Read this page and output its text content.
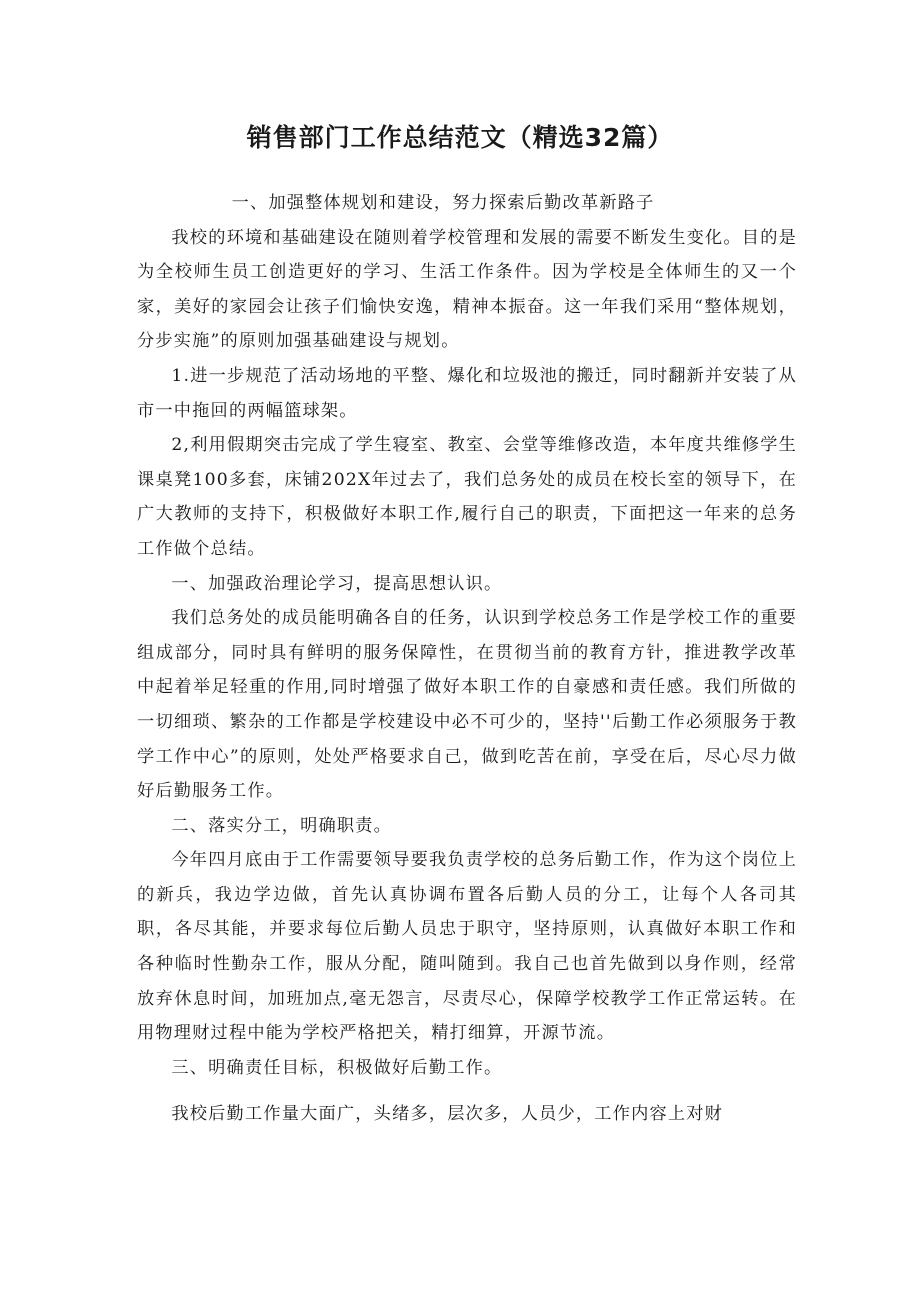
销售部门工作总结范文（精选32篇）

一、加强整体规划和建设，努力探索后勤改革新路子

我校的环境和基础建设在随则着学校管理和发展的需要不断发生变化。目的是为全校师生员工创造更好的学习、生活工作条件。因为学校是全体师生的又一个家，美好的家园会让孩子们愉快安逸，精神本振奋。这一年我们采用“整体规划，分步实施”的原则加强基础建设与规划。

1.进一步规范了活动场地的平整、爆化和垃圾池的搬迁，同时翻新并安装了从市一中拖回的两幅篮球架。

2,利用假期突击完成了学生寝室、教室、会堂等维修改造，本年度共维修学生课桌凳100多套，床铺202X年过去了，我们总务处的成员在校长室的领导下，在广大教师的支持下，积极做好本职工作,履行自己的职责，下面把这一年来的总务工作做个总结。

一、加强政治理论学习，提高思想认识。

我们总务处的成员能明确各自的任务，认识到学校总务工作是学校工作的重要组成部分，同时具有鲜明的服务保障性，在贯彻当前的教育方针，推进教学改革中起着举足轻重的作用,同时增强了做好本职工作的自豪感和责任感。我们所做的一切细琐、繁杂的工作都是学校建设中必不可少的，坚持''后勤工作必须服务于教学工作中心”的原则，处处严格要求自己，做到吃苦在前，享受在后，尽心尽力做好后勤服务工作。

二、落实分工，明确职责。

今年四月底由于工作需要领导要我负责学校的总务后勤工作，作为这个岗位上的新兵，我边学边做，首先认真协调布置各后勤人员的分工，让每个人各司其职，各尽其能，并要求每位后勤人员忠于职守，坚持原则，认真做好本职工作和各种临时性勤杂工作，服从分配，随叫随到。我自己也首先做到以身作则，经常放弃休息时间，加班加点,毫无怨言，尽责尽心，保障学校教学工作正常运转。在用物理财过程中能为学校严格把关，精打细算，开源节流。

三、明确责任目标，积极做好后勤工作。

我校后勤工作量大面广，头绪多，层次多，人员少，工作内容上对财
